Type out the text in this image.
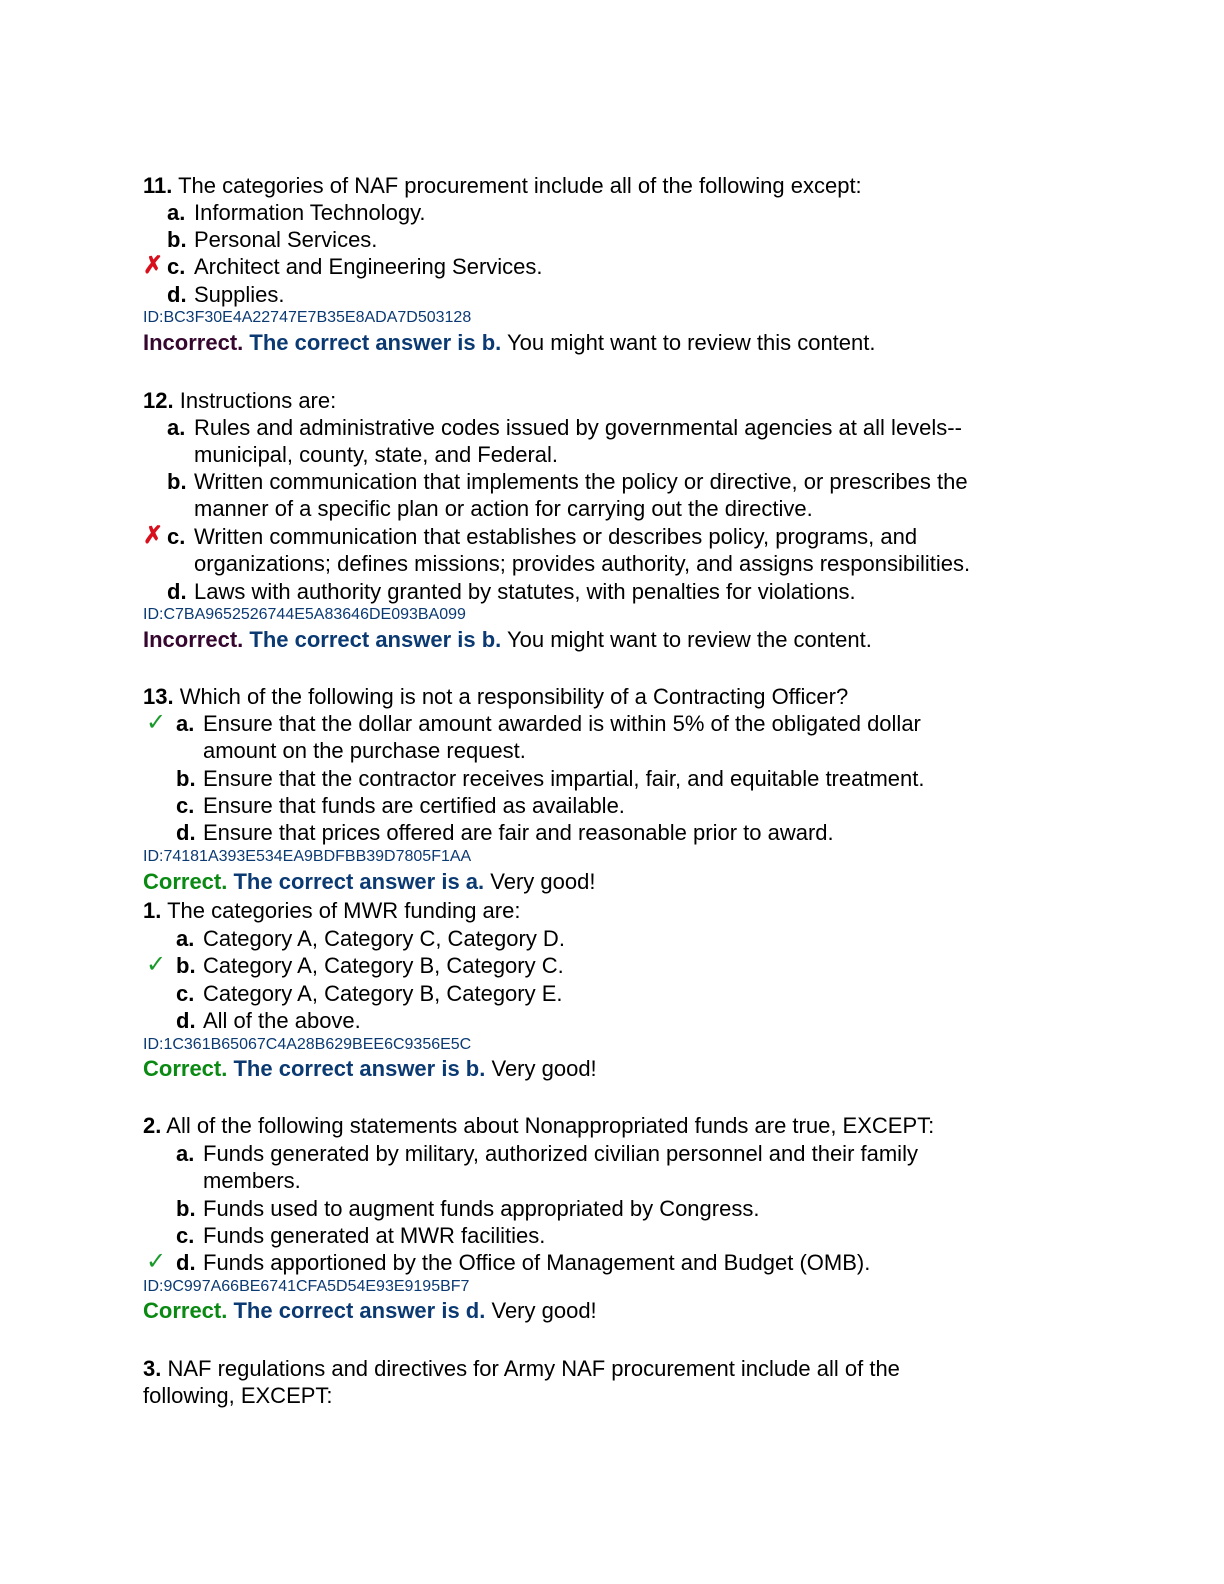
11. The categories of NAF procurement include all of the following except:
a. Information Technology.
b. Personal Services.
✗ c. Architect and Engineering Services.
d. Supplies.
ID:BC3F30E4A22747E7B35E8ADA7D503128
Incorrect. The correct answer is b. You might want to review this content.
12. Instructions are:
a. Rules and administrative codes issued by governmental agencies at all levels--
municipal, county, state, and Federal.
b. Written communication that implements the policy or directive, or prescribes the
manner of a specific plan or action for carrying out the directive.
✗ c. Written communication that establishes or describes policy, programs, and
organizations; defines missions; provides authority, and assigns responsibilities.
d. Laws with authority granted by statutes, with penalties for violations.
ID:C7BA9652526744E5A83646DE093BA099
Incorrect. The correct answer is b. You might want to review the content.
13. Which of the following is not a responsibility of a Contracting Officer?
✓ a. Ensure that the dollar amount awarded is within 5% of the obligated dollar
amount on the purchase request.
b. Ensure that the contractor receives impartial, fair, and equitable treatment.
c. Ensure that funds are certified as available.
d. Ensure that prices offered are fair and reasonable prior to award.
ID:74181A393E534EA9BDFBB39D7805F1AA
Correct. The correct answer is a. Very good!
1. The categories of MWR funding are:
a. Category A, Category C, Category D.
✓ b. Category A, Category B, Category C.
c. Category A, Category B, Category E.
d. All of the above.
ID:1C361B65067C4A28B629BEE6C9356E5C
Correct. The correct answer is b. Very good!
2. All of the following statements about Nonappropriated funds are true, EXCEPT:
a. Funds generated by military, authorized civilian personnel and their family
members.
b. Funds used to augment funds appropriated by Congress.
c. Funds generated at MWR facilities.
✓ d. Funds apportioned by the Office of Management and Budget (OMB).
ID:9C997A66BE6741CFA5D54E93E9195BF7
Correct. The correct answer is d. Very good!
3. NAF regulations and directives for Army NAF procurement include all of the
following, EXCEPT:
